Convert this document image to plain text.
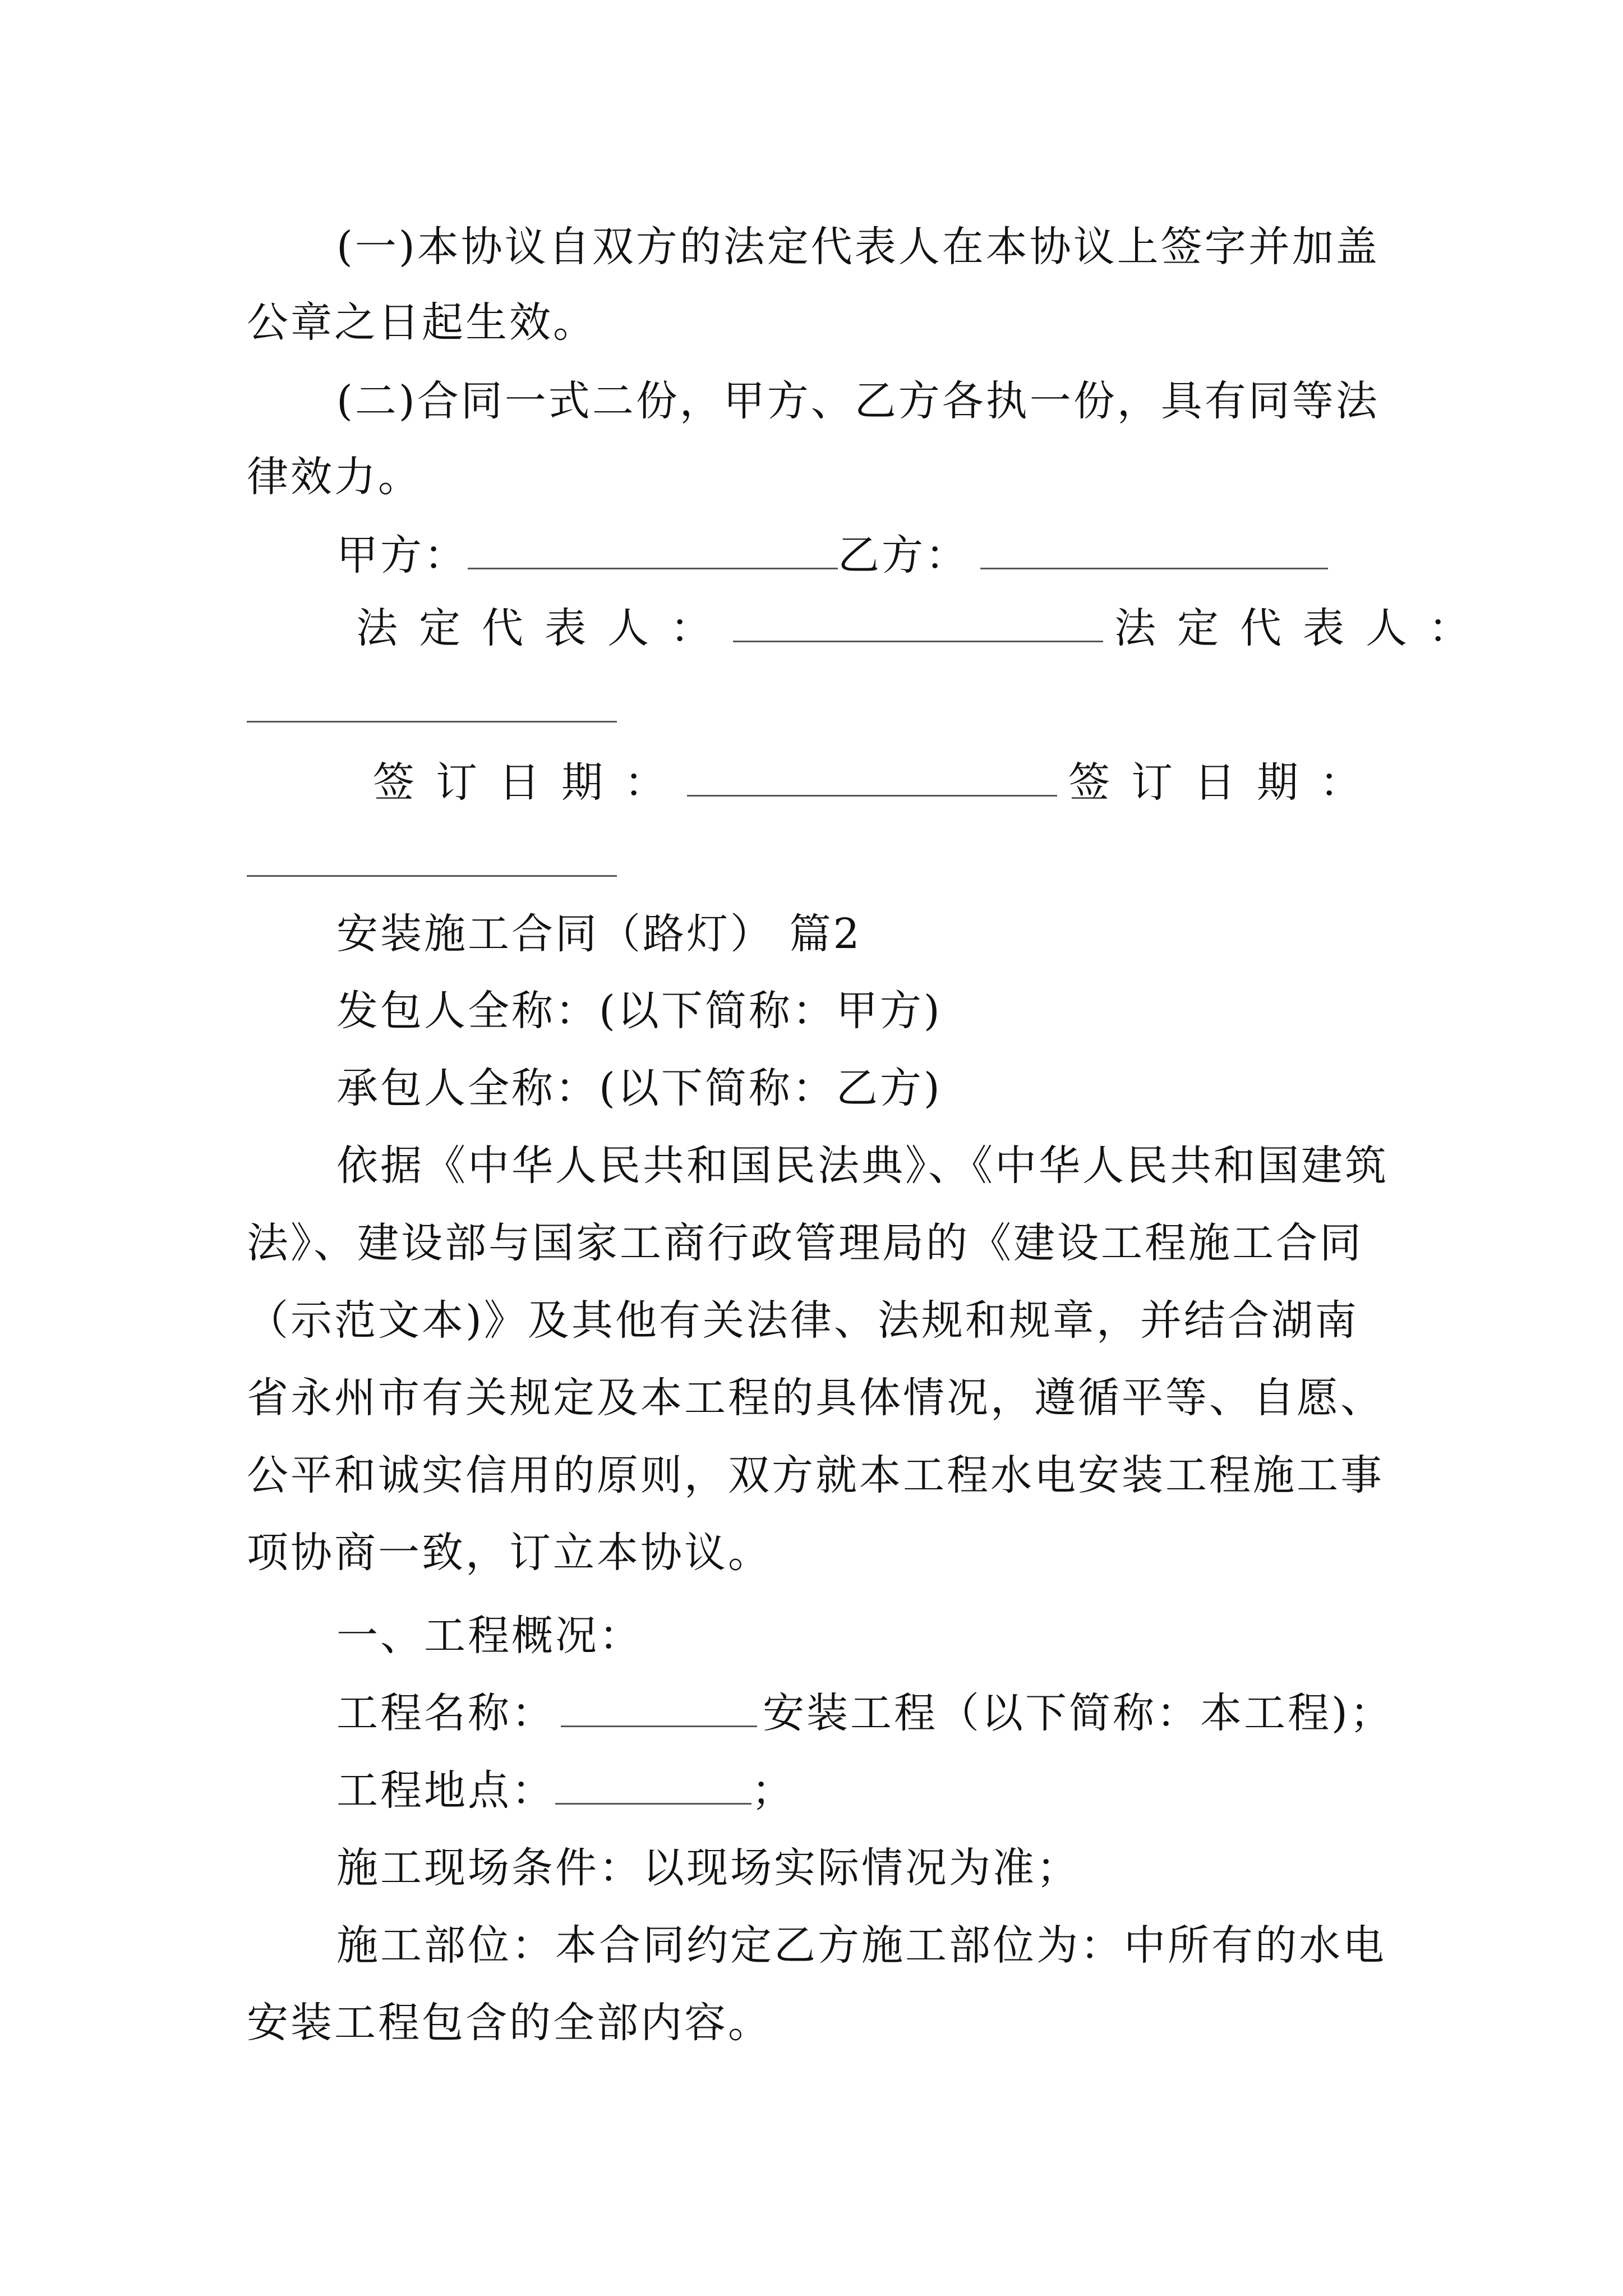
(一)本协议自双方的法定代表人在本协议上签字并加盖
公章之日起生效。
(二)合同一式二份，甲方、乙方各执一份，具有同等法
律效力。
甲方：	乙方：
法定代表人：	法定代表人：
签订日期：	签订日期：
安装施工合同（路灯） 篇2
发包人全称：(以下简称：甲方)
承包人全称：(以下简称：乙方)
依据《中华人民共和国民法典》、《中华人民共和国建筑
法》、建设部与国家工商行政管理局的《建设工程施工合同
（示范文本)》及其他有关法律、法规和规章，并结合湖南
省永州市有关规定及本工程的具体情况，遵循平等、自愿、
公平和诚实信用的原则，双方就本工程水电安装工程施工事
项协商一致，订立本协议。
一、工程概况：
工程名称：	安装工程（以下简称：本工程)；
工程地点：	；
施工现场条件：以现场实际情况为准；
施工部位：本合同约定乙方施工部位为：中所有的水电
安装工程包含的全部内容。
